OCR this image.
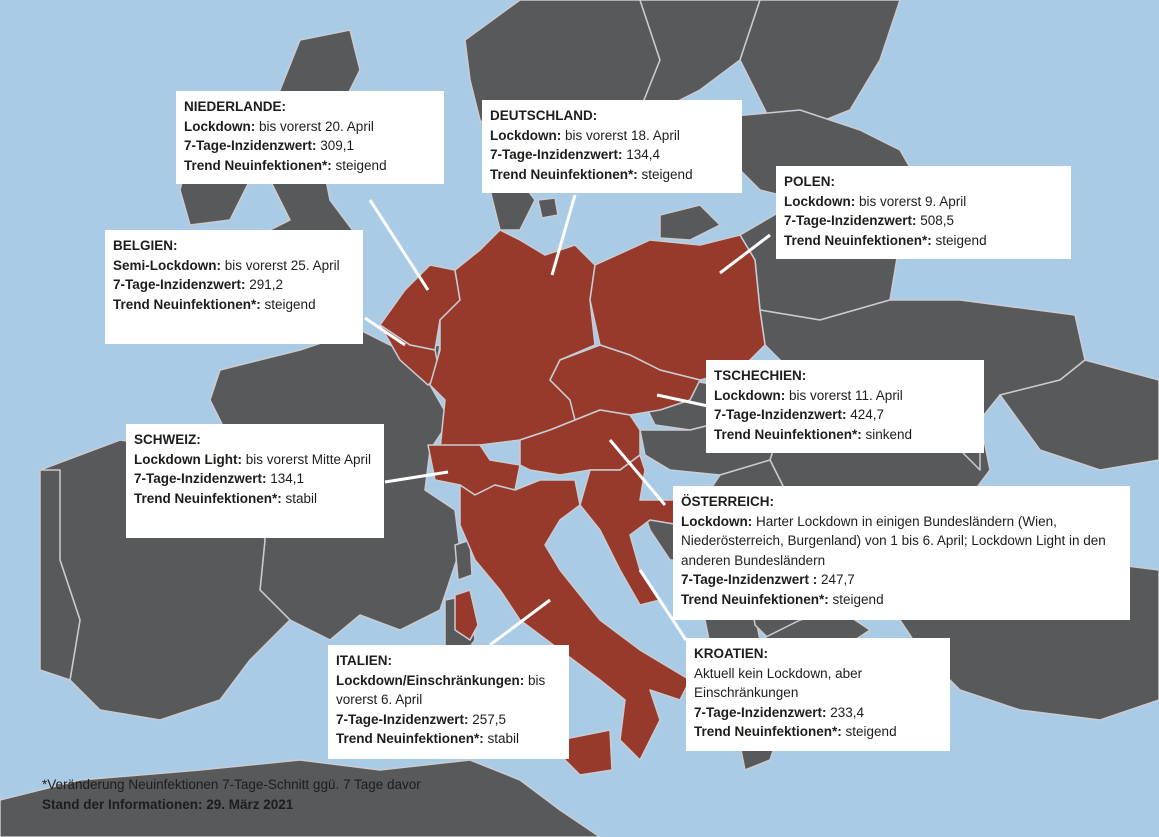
NIEDERLANDE:
Lockdown: bis vorerst 20. April
7-Tage-Inzidenzwert: 309,1
Trend Neuinfektionen*: steigend
DEUTSCHLAND:
Lockdown: bis vorerst 18. April
7-Tage-Inzidenzwert: 134,4
Trend Neuinfektionen*: steigend	POLEN:
Lockdown: bis vorerst 9. April
7-Tage-Inzidenzwert: 508,5
Trend Neuinfektionen*: steigend
BELGIEN:
Semi-Lockdown: bis vorerst 25. April
7-Tage-Inzidenzwert: 291,2
Trend Neuinfektionen*: steigend
TSCHECHIEN:
Lockdown: bis vorerst 11. April
7-Tage-Inzidenzwert: 424,7
Trend Neuinfektionen*: sinkend
SCHWEIZ:
Lockdown Light: bis vorerst Mitte April
7-Tage-Inzidenzwert: 134,1
Trend Neuinfektionen*: stabil	ÖSTERREICH:
Lockdown: Harter Lockdown in einigen Bundesländern (Wien, Niederösterreich, Burgenland) von 1 bis 6. April; Lockdown Light in den anderen Bundesländern
7-Tage-Inzidenzwert : 247,7
Trend Neuinfektionen*: steigend
ITALIEN:
Lockdown/Einschränkungen: bis vorerst 6. April
7-Tage-Inzidenzwert: 257,5
Trend Neuinfektionen*: stabil
KROATIEN:
Aktuell kein Lockdown, aber Einschränkungen
7-Tage-Inzidenzwert: 233,4
Trend Neuinfektionen*: steigend
*Veränderung Neuinfektionen 7-Tage-Schnitt ggü. 7 Tage davor
Stand der Informationen: 29. März 2021
